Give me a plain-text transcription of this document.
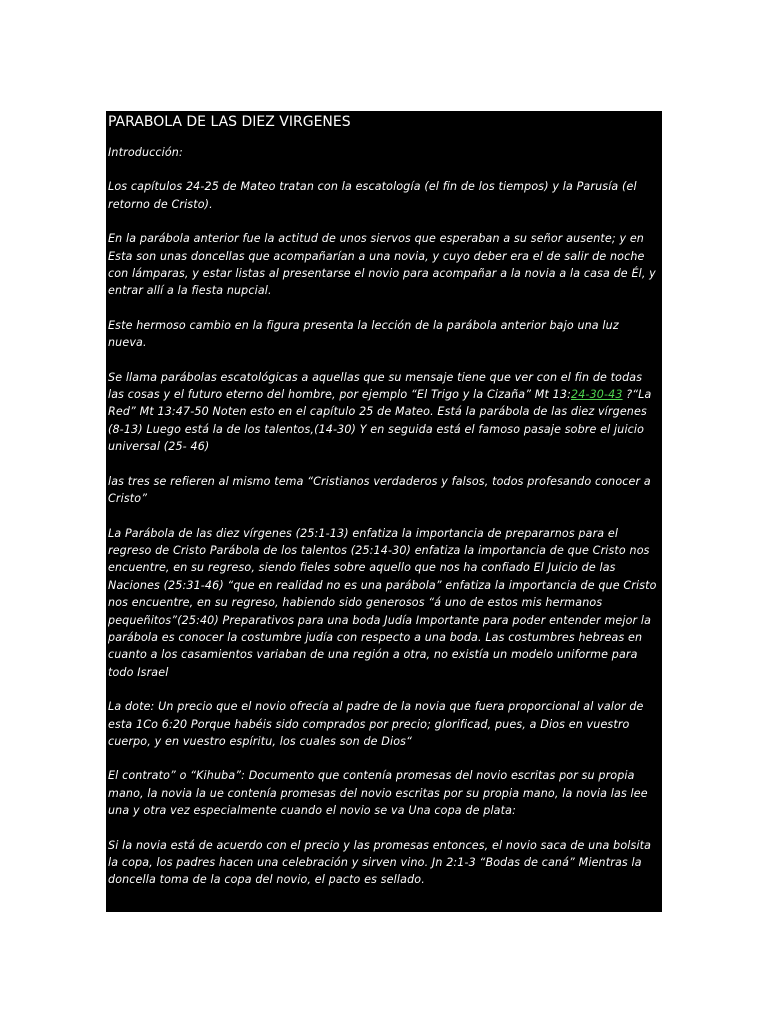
PARABOLA DE LAS DIEZ VIRGENES
Introducción:
Los capítulos 24-25 de Mateo tratan con la escatología (el fin de los tiempos) y la Parusía (el retorno de Cristo).
En la parábola anterior fue la actitud de unos siervos que esperaban a su señor ausente; y en Esta son unas doncellas que acompañarían a una novia, y cuyo deber era el de salir de noche con lámparas, y estar listas al presentarse el novio para acompañar a la novia a la casa de Él, y entrar allí a la fiesta nupcial.
Este hermoso cambio en la figura presenta la lección de la parábola anterior bajo una luz nueva.
Se llama parábolas escatológicas a aquellas que su mensaje tiene que ver con el fin de todas las cosas y el futuro eterno del hombre, por ejemplo “El Trigo y la Cizaña” Mt 13:24-30-43 ?“La Red” Mt 13:47-50 Noten esto en el capítulo 25 de Mateo. Está la parábola de las diez vírgenes (8-13) Luego está la de los talentos,(14-30) Y en seguida está el famoso pasaje sobre el juicio universal (25- 46)
las tres se refieren al mismo tema “Cristianos verdaderos y falsos, todos profesando conocer a Cristo”
La Parábola de las diez vírgenes (25:1-13) enfatiza la importancia de prepararnos para el regreso de Cristo Parábola de los talentos (25:14-30) enfatiza la importancia de que Cristo nos encuentre, en su regreso, siendo fieles sobre aquello que nos ha confiado El Juicio de las Naciones (25:31-46) “que en realidad no es una parábola” enfatiza la importancia de que Cristo nos encuentre, en su regreso, habiendo sido generosos “á uno de estos mis hermanos pequeñitos”(25:40) Preparativos para una boda Judía Importante para poder entender mejor la parábola es conocer la costumbre judía con respecto a una boda. Las costumbres hebreas en cuanto a los casamientos variaban de una región a otra, no existía un modelo uniforme para todo Israel
La dote: Un precio que el novio ofrecía al padre de la novia que fuera proporcional al valor de esta 1Co 6:20 Porque habéis sido comprados por precio; glorificad, pues, a Dios en vuestro cuerpo, y en vuestro espíritu, los cuales son de Dios“
El contrato” o “Kihuba”: Documento que contenía promesas del novio escritas por su propia mano, la novia la ue contenía promesas del novio escritas por su propia mano, la novia las lee una y otra vez especialmente cuando el novio se va Una copa de plata:
Si la novia está de acuerdo con el precio y las promesas entonces, el novio saca de una bolsita la copa, los padres hacen una celebración y sirven vino. Jn 2:1-3 “Bodas de caná” Mientras la doncella toma de la copa del novio, el pacto es sellado.
